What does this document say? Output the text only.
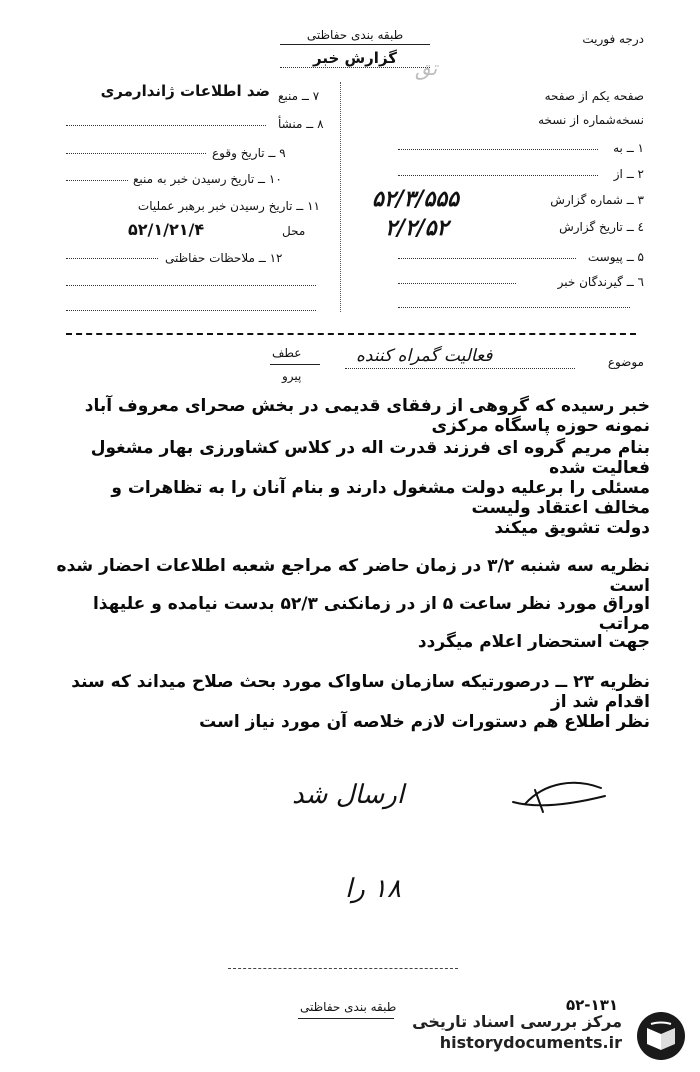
طبقه بندی حفاظتی
گزارش خبر
درجه فوریت
تق
۷ ــ منبع
ضد اطلاعات ژاندارمری
۸ ــ منشأ
۹ ــ تاریخ وقوع
۱۰ ــ تاریخ رسیدن خبر به منبع
۱۱ ــ تاریخ رسیدن خبر برهبر عملیات
محل
۵۲/۱/۲۱/۴
۱۲ ــ ملاحظات حفاظتی
صفحه یکم از صفحه
نسخه‌شماره از نسخه
۱ ــ به
۲ ــ از
۳ ــ شماره گزارش
۵۲/۳/۵۵۵
٤ ــ تاریخ گزارش
۲/۲/۵۲
۵ ــ پیوست
٦ ــ گیرندگان خبر
موضوع
فعالیت گمراه کننده
عطف
پیرو
خبر رسیده که گروهی از رفقای قدیمی در بخش صحرای معروف آباد نمونه حوزه پاسگاه مرکزی
بنام مریم گروه ای فرزند قدرت اله در کلاس کشاورزی بهار مشغول فعالیت شده
مسئلی را برعلیه دولت مشغول دارند و بنام آنان را به تظاهرات و مخالف اعتقاد ولیست
دولت تشویق میکند
نظریه سه شنبه ۳/۲ در زمان حاضر که مراجع شعبه اطلاعات احضار شده است
اوراق مورد نظر ساعت ۵ از در زمانکنی ۵۲/۳ بدست نیامده و علیهذا مراتب
جهت استحضار اعلام میگردد
نظریه ۲۳ ــ درصورتیکه سازمان ساواک مورد بحث صلاح میداند که سند اقدام شد از
نظر اطلاع هم دستورات لازم خلاصه آن مورد نیاز است
ارسال شد
۱۸ را
۵۲-۱۳۱
طبقه بندی حفاظتی
مرکز بررسی اسناد تاریخی
historydocuments.ir
